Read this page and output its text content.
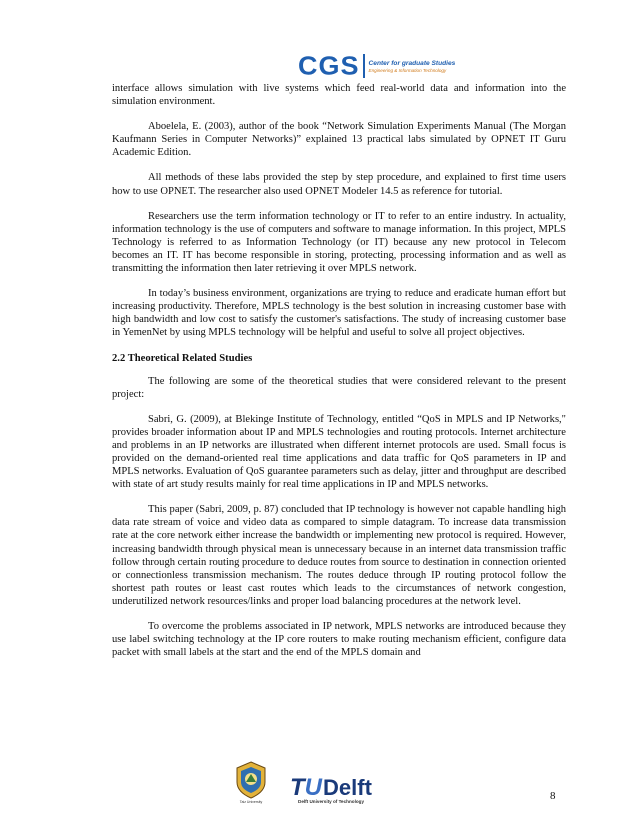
CGS Center for graduate Studies
Engineering & Information Technology

interface allows simulation with live systems which feed real-world data and information into the simulation environment.

Aboelela, E. (2003), author of the book “Network Simulation Experiments Manual (The Morgan Kaufmann Series in Computer Networks)” explained 13 practical labs simulated by OPNET IT Guru Academic Edition.

All methods of these labs provided the step by step procedure, and explained to first time users how to use OPNET. The researcher also used OPNET Modeler 14.5 as reference for tutorial.

Researchers use the term information technology or IT to refer to an entire industry. In actuality, information technology is the use of computers and software to manage information. In this project, MPLS Technology is referred to as Information Technology (or IT) because any new protocol in Telecom becomes an IT. IT has become responsible in storing, protecting, processing information and as well as transmitting the information then later retrieving it over MPLS network.

In today’s business environment, organizations are trying to reduce and eradicate human effort but increasing productivity. Therefore, MPLS technology is the best solution in increasing customer base with high bandwidth and low cost to satisfy the customer's satisfactions. The study of increasing customer base in YemenNet by using MPLS technology will be helpful and useful to solve all project objectives.

2.2 Theoretical Related Studies

The following are some of the theoretical studies that were considered relevant to the present project:

Sabri, G. (2009), at Blekinge Institute of Technology, entitled “QoS in MPLS and IP Networks," provides broader information about IP and MPLS technologies and routing protocols. Internet architecture and problems in an IP networks are illustrated when different internet protocols are used. Small focus is provided on the demand-oriented real time applications and data traffic for QoS parameters in IP and MPLS networks. Evaluation of QoS guarantee parameters such as delay, jitter and throughput are described with state of art study results mainly for real time applications in IP and MPLS networks.

This paper (Sabri, 2009, p. 87) concluded that IP technology is however not capable handling high data rate stream of voice and video data as compared to simple datagram. To increase data transmission rate at the core network either increase the bandwidth or implementing new protocol is required. However, increasing bandwidth through physical mean is unnecessary because in an internet data transmission traffic follow through certain routing procedure to deduce routes from source to destination in connection oriented or connectionless transmission mechanism. The routes deduce through IP routing protocol follow the shortest path routes or least cast routes which leads to the circumstances of network congestion, underutilized network resources/links and proper load balancing procedures at the network level.

To overcome the problems associated in IP network, MPLS networks are introduced because they use label switching technology at the IP core routers to make routing mechanism efficient, configure data packet with small labels at the start and the end of the MPLS domain and

Taiz University
T U Delft
Delft University of Technology	8
